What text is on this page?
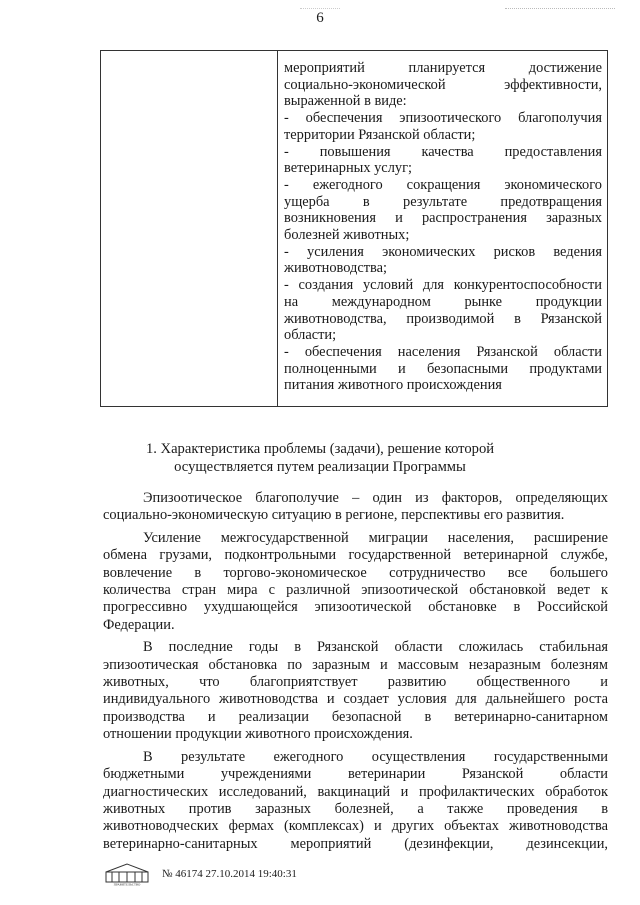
6
мероприятий планируется достижение
социально-экономической эффективности,
выраженной в виде:
- обеспечения эпизоотического благополучия
территории Рязанской области;
- повышения качества предоставления
ветеринарных услуг;
- ежегодного сокращения экономического
ущерба в результате предотвращения
возникновения и распространения заразных
болезней животных;
- усиления экономических рисков ведения
животноводства;
- создания условий для конкурентоспособности
на международном рынке продукции
животноводства, производимой в Рязанской
области;
- обеспечения населения Рязанской области
полноценными и безопасными продуктами
питания животного происхождения
1. Характеристика проблемы (задачи), решение которой
осуществляется путем реализации Программы
Эпизоотическое благополучие – один из факторов, определяющих
социально-экономическую ситуацию в регионе, перспективы его развития.
Усиление межгосударственной миграции населения, расширение
обмена грузами, подконтрольными государственной ветеринарной службе,
вовлечение в торгово-экономическое сотрудничество все большего
количества стран мира с различной эпизоотической обстановкой ведет к
прогрессивно ухудшающейся эпизоотической обстановке в Российской
Федерации.
В последние годы в Рязанской области сложилась стабильная
эпизоотическая обстановка по заразным и массовым незаразным болезням
животных, что благоприятствует развитию общественного и
индивидуального животноводства и создает условия для дальнейшего роста
производства и реализации безопасной в ветеринарно-санитарном
отношении продукции животного происхождения.
В результате ежегодного осуществления государственными
бюджетными учреждениями ветеринарии Рязанской области
диагностических исследований, вакцинаций и профилактических обработок
животных против заразных болезней, а также проведения в
животноводческих фермах (комплексах) и других объектах животноводства
ветеринарно-санитарных мероприятий (дезинфекции, дезинсекции,
ПРАВИТЕЛЬСТВО
№ 46174 27.10.2014 19:40:31
